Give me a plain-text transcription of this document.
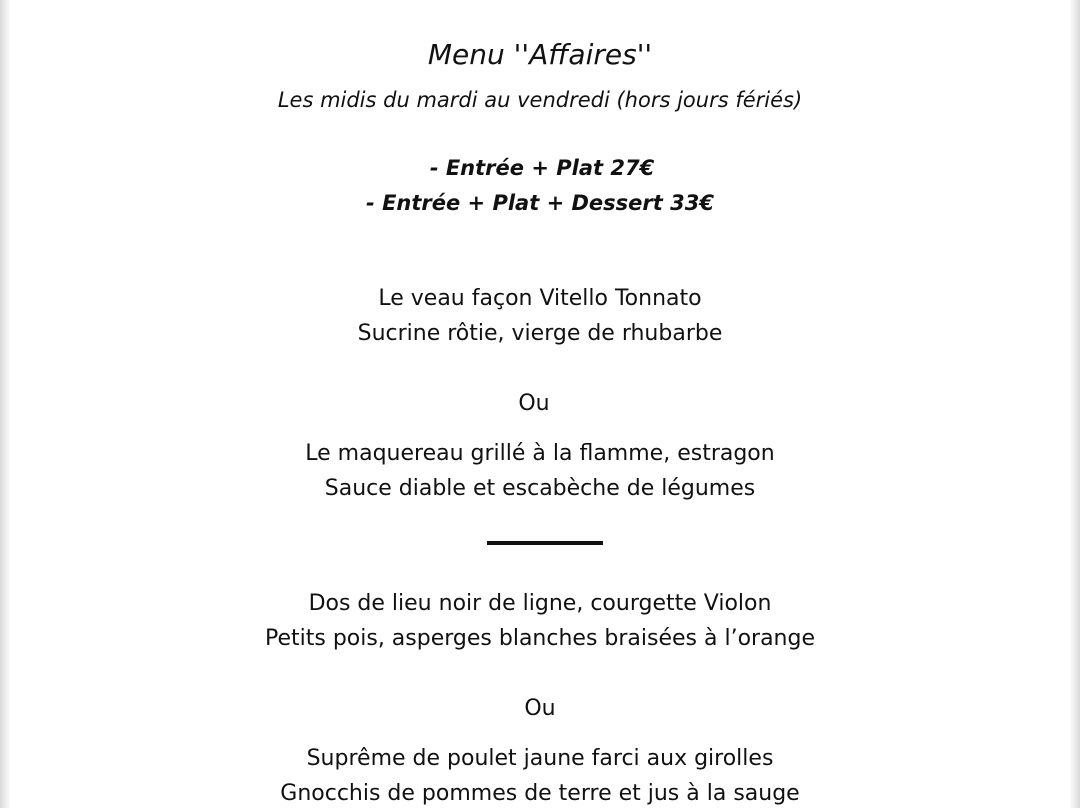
Menu ''Affaires''
Les midis du mardi au vendredi (hors jours fériés)
- Entrée + Plat 27€
- Entrée + Plat + Dessert 33€
Le veau façon Vitello Tonnato
Sucrine rôtie, vierge de rhubarbe
Ou
Le maquereau grillé à la flamme, estragon
Sauce diable et escabèche de légumes
Dos de lieu noir de ligne, courgette Violon
Petits pois, asperges blanches braisées à l’orange
Ou
Suprême de poulet jaune farci aux girolles
Gnocchis de pommes de terre et jus à la sauge
